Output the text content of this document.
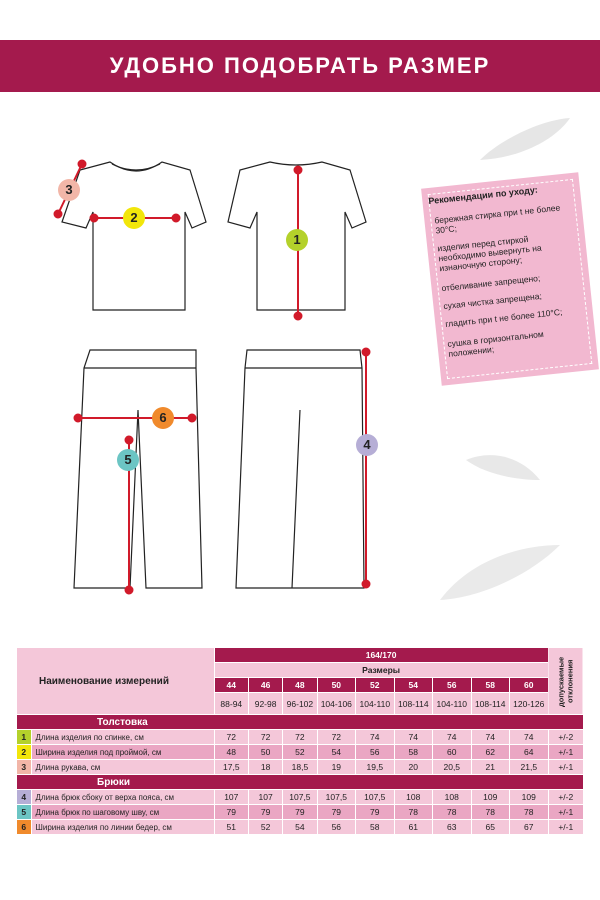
УДОБНО ПОДОБРАТЬ РАЗМЕР
1
2
3
4
5
6
Рекомендации по уходу:
бережная стирка при t не более 30°C;
изделия перед стиркой необходимо вывернуть на изнаночную сторону;
отбеливание запрещено;
сухая чистка запрещена;
гладить при t не более 110°C;
сушка в горизонтальном положении;
Наименование измерений		164/170									допускаемые отклонения
		Размеры									
		44	46	48	50	52	54	56	58	60	
		88-94	92-98	96-102	104-106	104-110	108-114	104-110	108-114	120-126	
Толстовка											
1	Длина изделия по спинке, см	72	72	72	72	74	74	74	74	74	+/-2
2	Ширина изделия под проймой, см	48	50	52	54	56	58	60	62	64	+/-1
3	Длина рукава, см	17,5	18	18,5	19	19,5	20	20,5	21	21,5	+/-1
Брюки											
4	Длина брюк сбоку от верха пояса, см	107	107	107,5	107,5	107,5	108	108	109	109	+/-2
5	Длина брюк по шаговому шву, см	79	79	79	79	79	78	78	78	78	+/-1
6	Ширина изделия по линии бедер, см	51	52	54	56	58	61	63	65	67	+/-1
